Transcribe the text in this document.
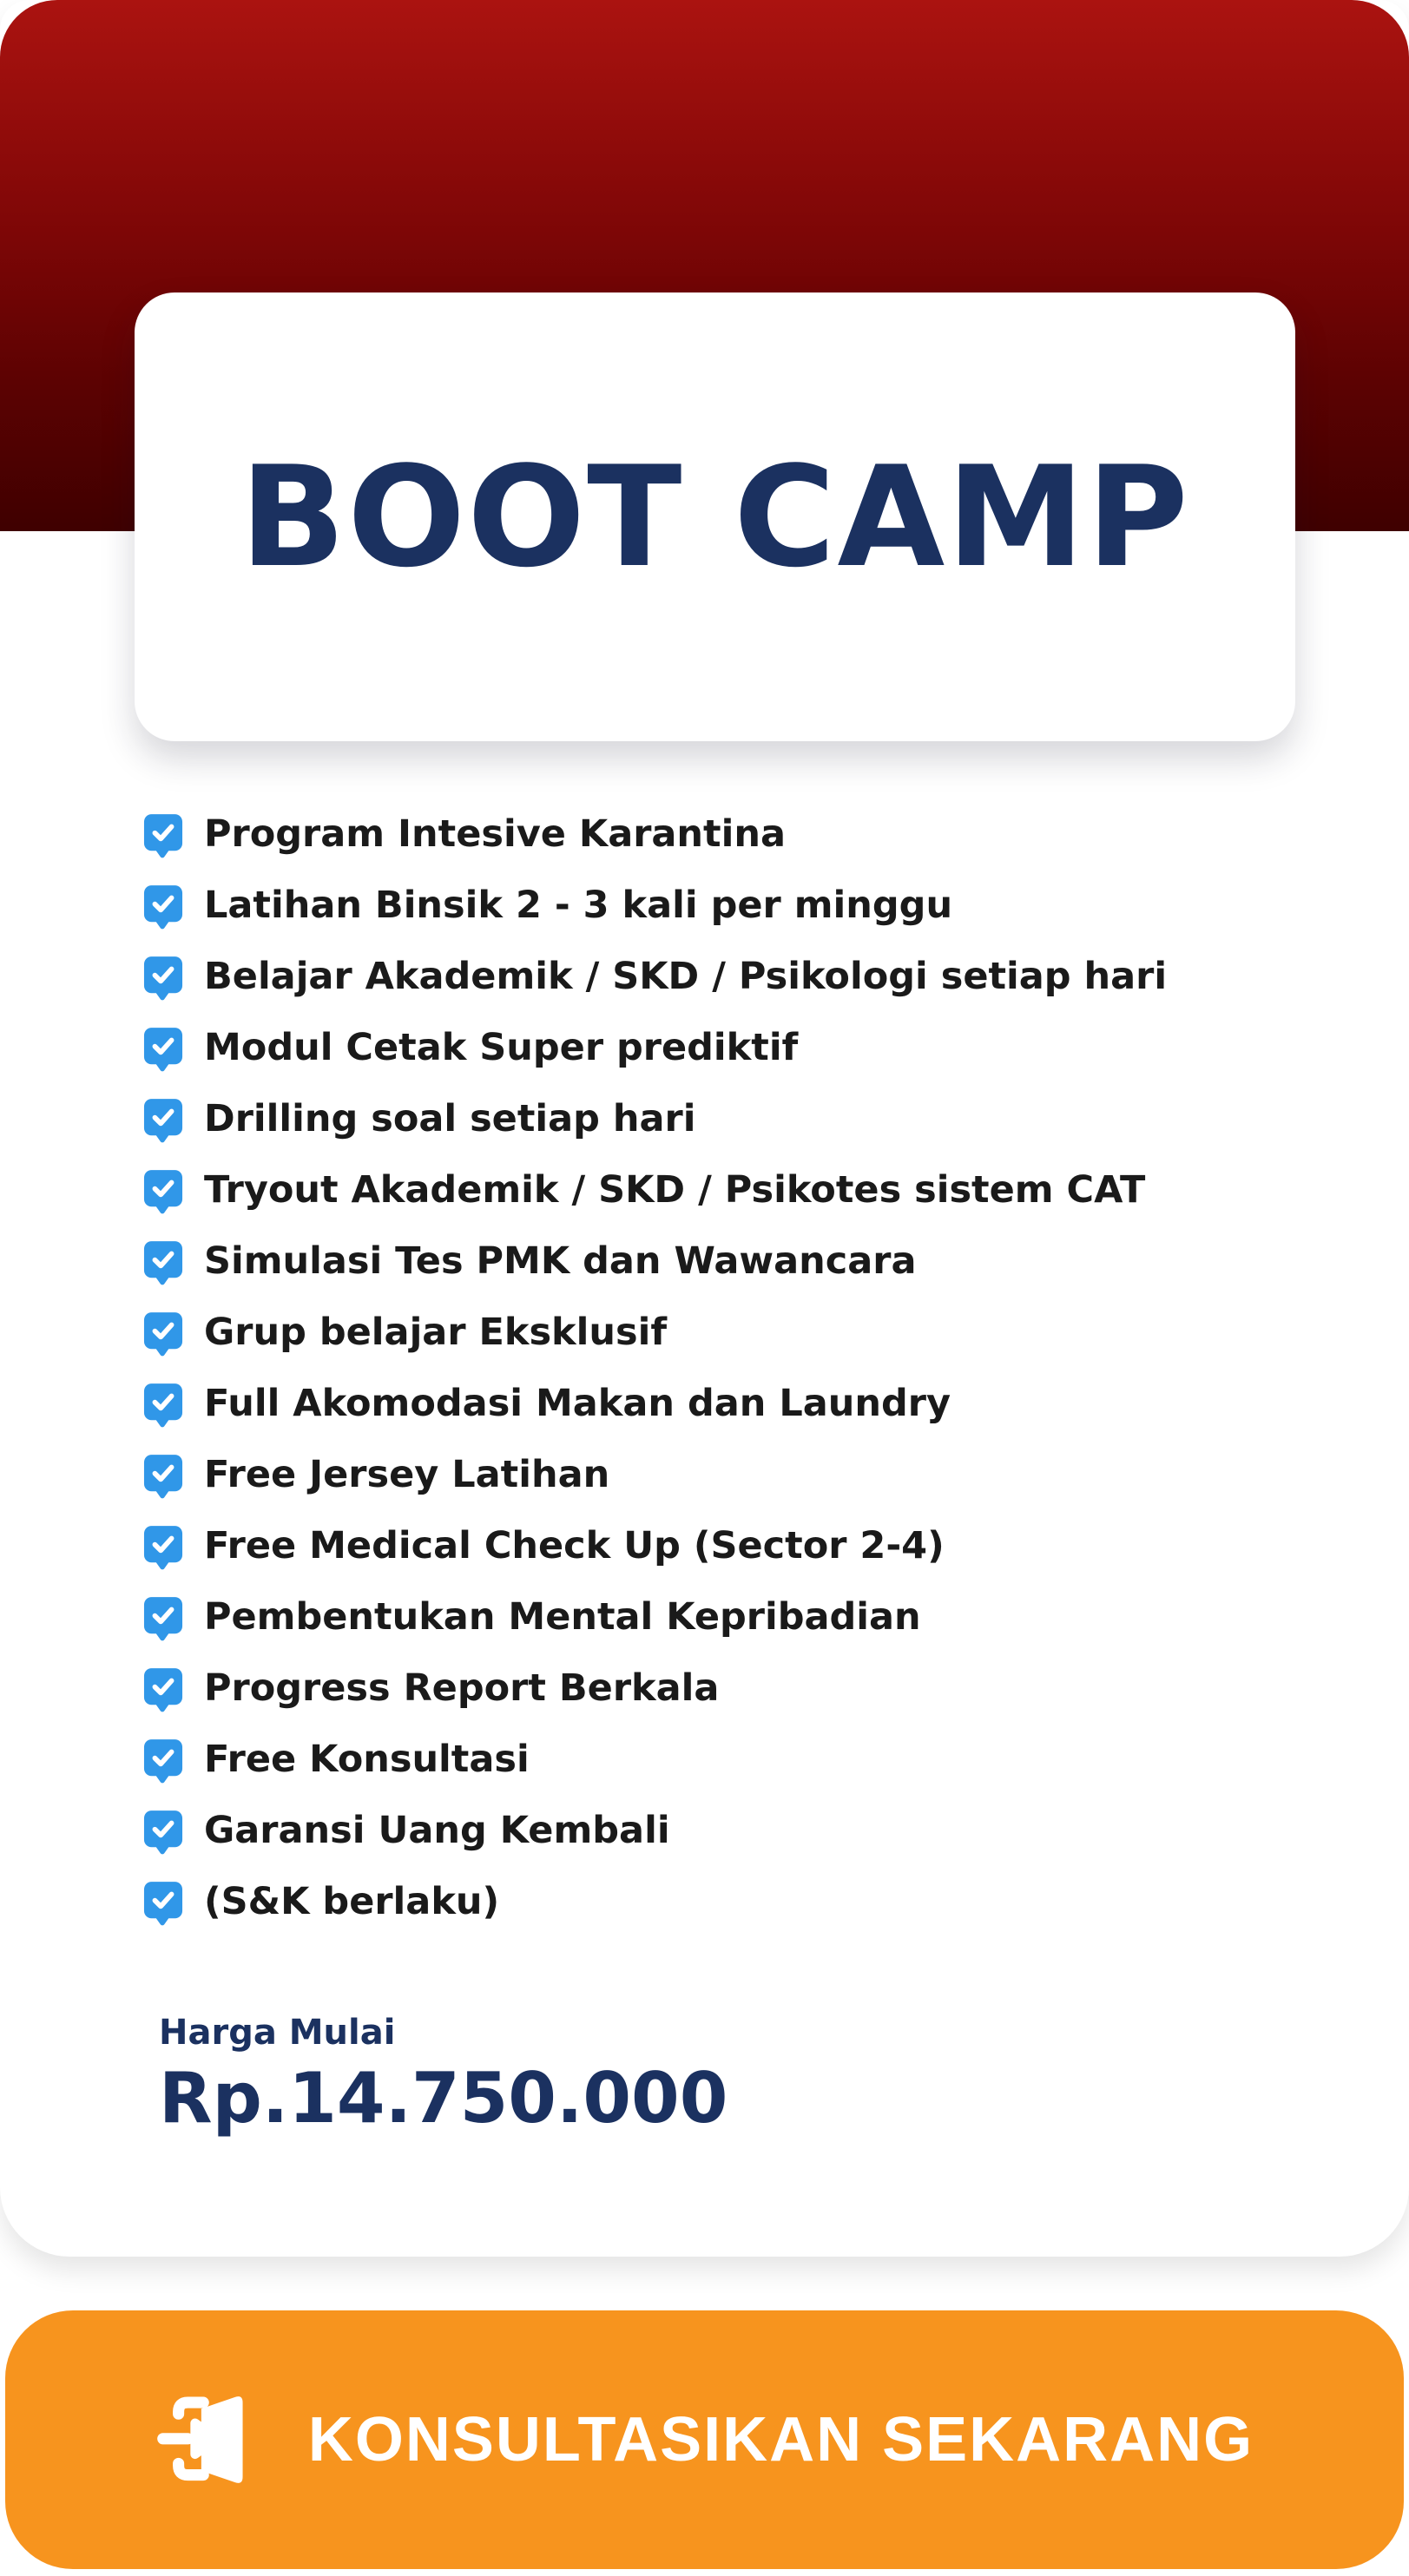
BOOT CAMP
Program Intesive Karantina
Latihan Binsik 2 - 3 kali per minggu
Belajar Akademik / SKD / Psikologi setiap hari
Modul Cetak Super prediktif
Drilling soal setiap hari
Tryout Akademik / SKD / Psikotes sistem CAT
Simulasi Tes PMK dan Wawancara
Grup belajar Eksklusif
Full Akomodasi Makan dan Laundry
Free Jersey Latihan
Free Medical Check Up (Sector 2-4)
Pembentukan Mental Kepribadian
Progress Report Berkala
Free Konsultasi
Garansi Uang Kembali
(S&K berlaku)
Harga Mulai
Rp.14.750.000
KONSULTASIKAN SEKARANG
